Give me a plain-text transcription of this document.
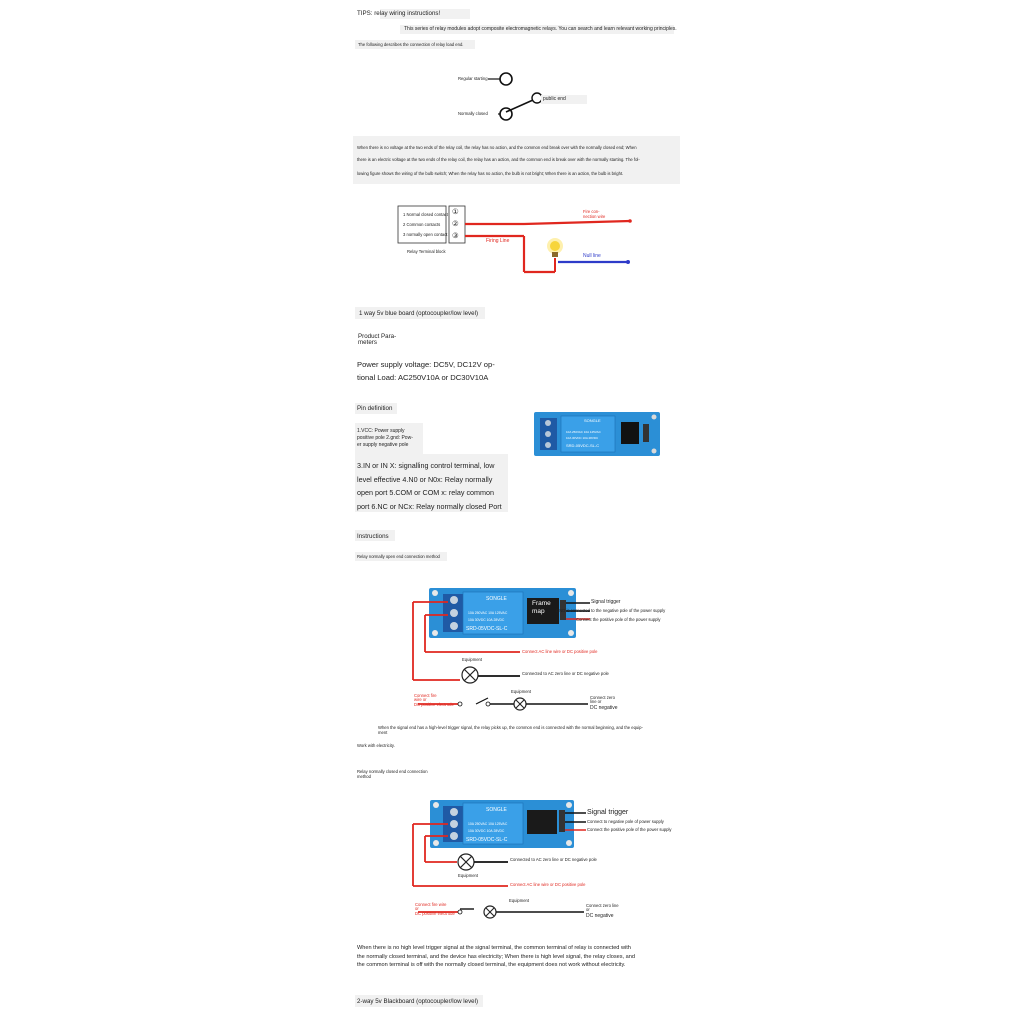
TIPS: relay wiring instructions!
This series of relay modules adopt composite electromagnetic relays. You can search and learn relevant working principles.
The following describes the connection of relay load end.
Regular starting
public end
Normally closed
When there is no voltage at the two ends of the relay coil, the relay has no action, and the common end break over with the normally closed end; When
there is an electric voltage at the two ends of the relay coil, the relay has an action, and the common end is break over with the normally starting. The fol-
lowing figure shows the wiring of the bulb switch; When the relay has no action, the bulb is not bright; When there is an action, the bulb is bright.
1 Normal closed contact
2 Common contacts
3 normally open contact
①
②
③
Relay Terminal block
Fire con-
nection wire
Firing Line
Null line
1 way 5v blue board (optocoupler/low level)
Product Para-
meters
Power supply voltage: DC5V, DC12V op-
tional Load: AC250V10A or DC30V10A
Pin definition
1.VCC: Power supply
positive pole 2.gnd: Pow-
er supply negative pole
3.IN or IN X: signalling control terminal, low
level effective 4.N0 or N0x: Relay normally
open port 5.COM or COM x: relay common
port 6.NC or NCx: Relay normally closed Port
SONGLE
10A 250VAC 10A 125VAC
10A 30VDC 10A 28VDC
SRD-05VDC-SL-C
Instructions
Relay normally open end connection method
SONGLE
10A 250VAC 10A 125VAC
10A 30VDC 10A 28VDC
SRD-05VDC-SL-C
Frame
map
Signal trigger
GND is connected to the negative pole of the power supply
Connect the positive pole of the power supply
Connect AC line wire or DC positive pole
Equipment
Connected to AC zero line or DC negative pole
Connect fire
wire or
DC positive electrode
Equipment
Connect zero
line or
DC negative
When the signal end has a high-level trigger signal, the relay picks up, the common end is connected with the normal beginning, and the equip-
ment
Work with electricity.
Relay normally closed end connection
method
SONGLE
10A 250VAC 10A 125VAC
10A 30VDC 10A 28VDC
SRD-05VDC-SL-C
Signal trigger
Connect to negative pole of power supply
Connect the positive pole of the power supply
Connected to AC zero line or DC negative pole
Equipment
Connect AC line wire or DC positive pole
Connect fire wire
or
DC positive electrode
Equipment
Connect zero line
or
DC negative
When there is no high level trigger signal at the signal terminal, the common terminal of relay is connected with
the normally closed terminal, and the device has electricity; When there is high level signal, the relay closes, and
the common terminal is off with the normally closed terminal, the equipment does not work without electricity.
2-way 5v Blackboard (optocoupler/low level)
